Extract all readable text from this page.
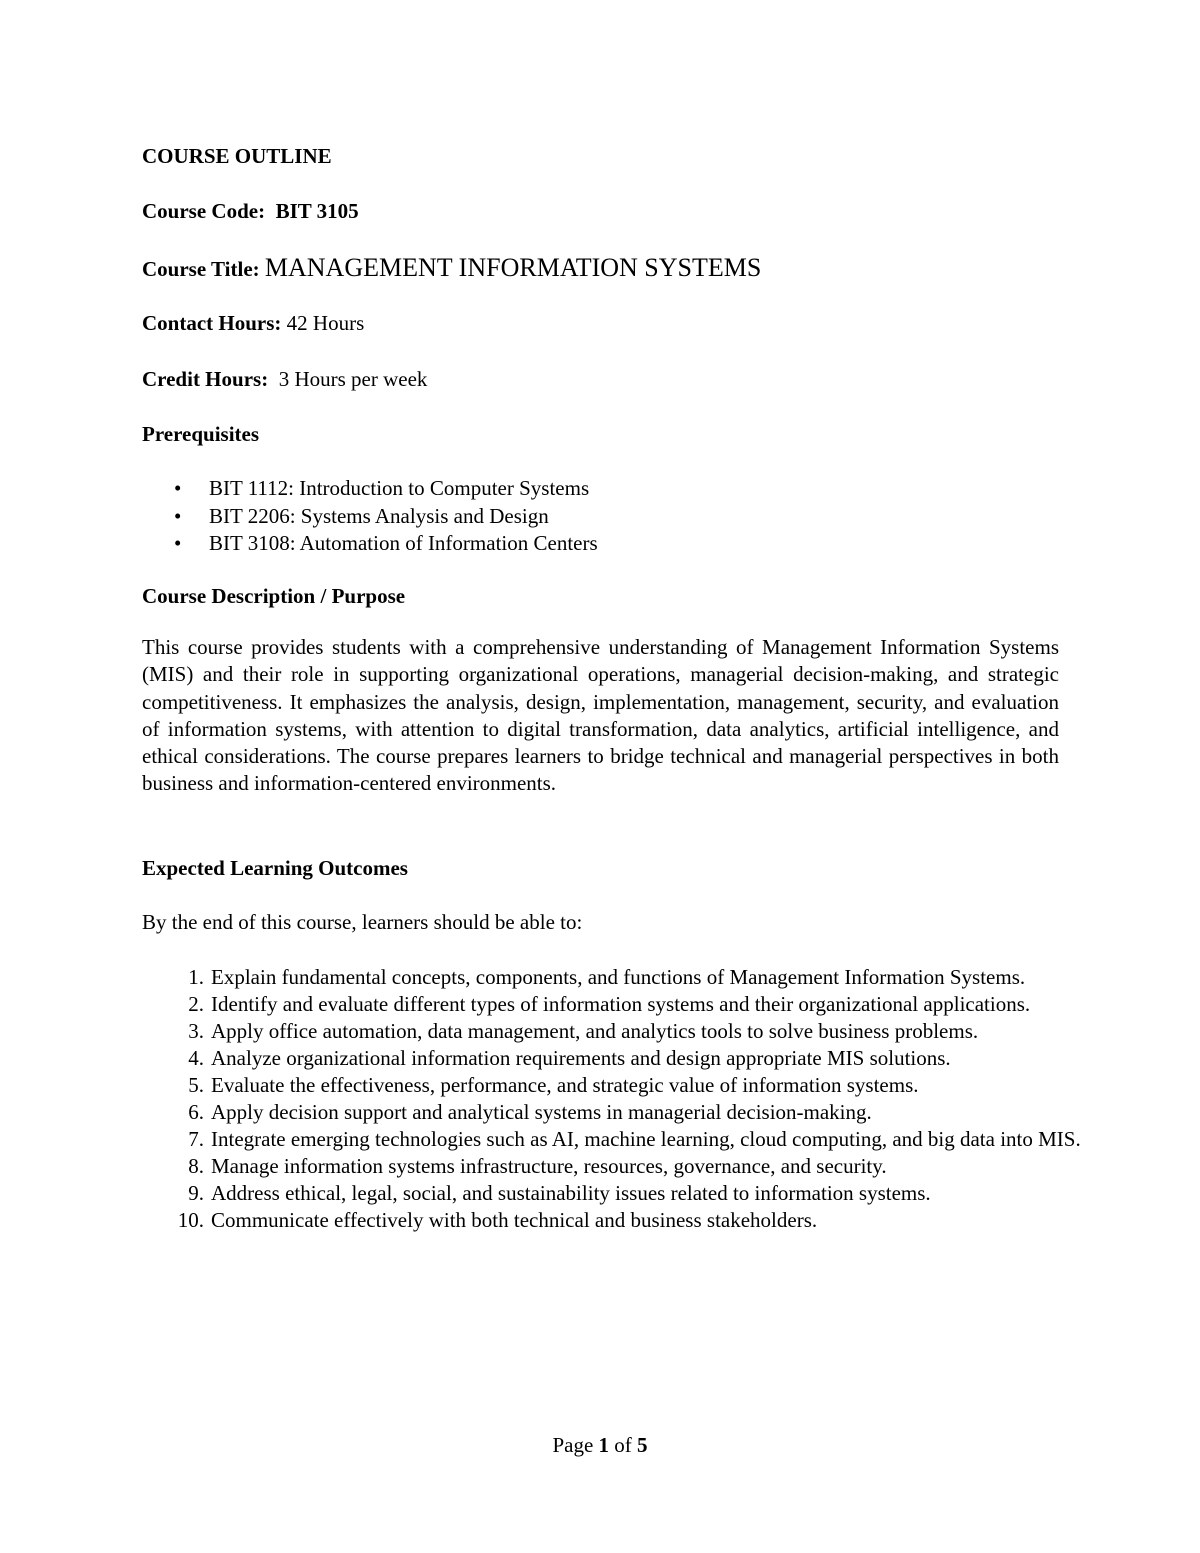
COURSE OUTLINE
Course Code: BIT 3105
Course Title: MANAGEMENT INFORMATION SYSTEMS
Contact Hours: 42 Hours
Credit Hours: 3 Hours per week
Prerequisites
• BIT 1112: Introduction to Computer Systems
• BIT 2206: Systems Analysis and Design
• BIT 3108: Automation of Information Centers
Course Description / Purpose

This course provides students with a comprehensive understanding of Management Information Systems (MIS) and their role in supporting organizational operations, managerial decision-making, and strategic competitiveness. It emphasizes the analysis, design, implementation, management, security, and evaluation of information systems, with attention to digital transformation, data analytics, artificial intelligence, and ethical considerations. The course prepares learners to bridge technical and managerial perspectives in both business and information-centered environments.

Expected Learning Outcomes
By the end of this course, learners should be able to:
1. Explain fundamental concepts, components, and functions of Management Information Systems.
2. Identify and evaluate different types of information systems and their organizational applications.
3. Apply office automation, data management, and analytics tools to solve business problems.
4. Analyze organizational information requirements and design appropriate MIS solutions.
5. Evaluate the effectiveness, performance, and strategic value of information systems.
6. Apply decision support and analytical systems in managerial decision-making.
7. Integrate emerging technologies such as AI, machine learning, cloud computing, and big data into MIS.
8. Manage information systems infrastructure, resources, governance, and security.
9. Address ethical, legal, social, and sustainability issues related to information systems.
10. Communicate effectively with both technical and business stakeholders.
Page 1 of 5
